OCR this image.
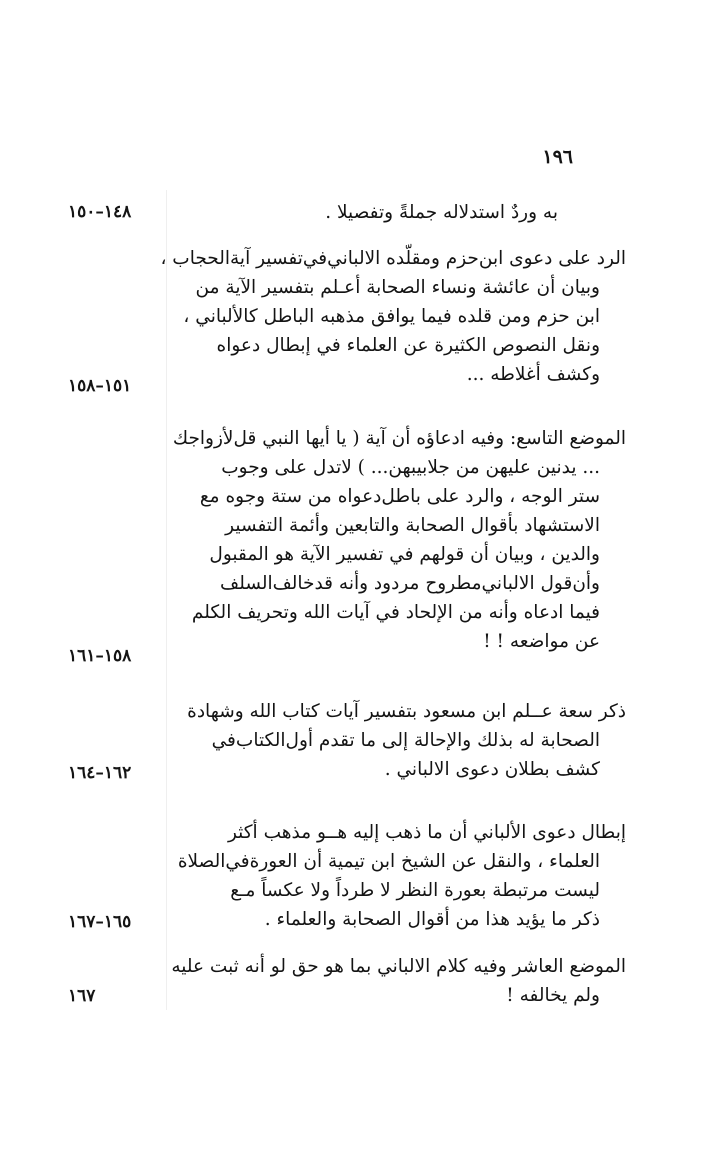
١٩٦

به وردٌ استدلاله جملةً وتفصيلا .

١٤٨–١٥٠

الرد على دعوى ابن‌حزم ومقلّده الالباني‌في‌تفسير آية‌الحجاب ،
وبيان أن عائشة ونساء الصحابة أعـلم بتفسير الآية من
ابن حزم ومن قلده فيما يوافق مذهبه الباطل كالألباني ،
ونقل النصوص الكثيرة عن العلماء في إبطال دعواه
وكشف أغلاطه ...

١٥١–١٥٨

الموضع التاسع: وفيه ادعاؤه أن آية ( يا أيها النبي قل‌لأزواجك
... يدنين عليهن من جلابيبهن... ) لاتدل على وجوب
ستر الوجه ، والرد على باطل‌دعواه من ستة وجوه مع
الاستشهاد بأقوال الصحابة والتابعين وأئمة التفسير
والدين ، وبيان أن قولهم في تفسير الآية هو المقبول
وأن‌قول الالباني‌مطروح مردود وأنه قدخالف‌السلف
فيما ادعاه وأنه من الإلحاد في آيات الله وتحريف الكلم
عن مواضعه ! !

١٥٨–١٦١

ذكر سعة عــلم ابن مسعود بتفسير آيات كتاب الله وشهادة
الصحابة له بذلك والإحالة إلى ما تقدم أول‌الكتاب‌في
كشف بطلان دعوى الالباني .

١٦٢–١٦٤

إبطال دعوى الألباني أن ما ذهب إليه هــو مذهب أكثر
العلماء ، والنقل عن الشيخ ابن تيمية أن العورة‌في‌الصلاة
ليست مرتبطة بعورة النظر لا طرداً ولا عكساً مـع
ذكر ما يؤيد هذا من أقوال الصحابة والعلماء .

١٦٥–١٦٧

الموضع العاشر وفيه كلام الالباني بما هو حق لو أنه ثبت عليه
ولم يخالفه !

١٦٧
